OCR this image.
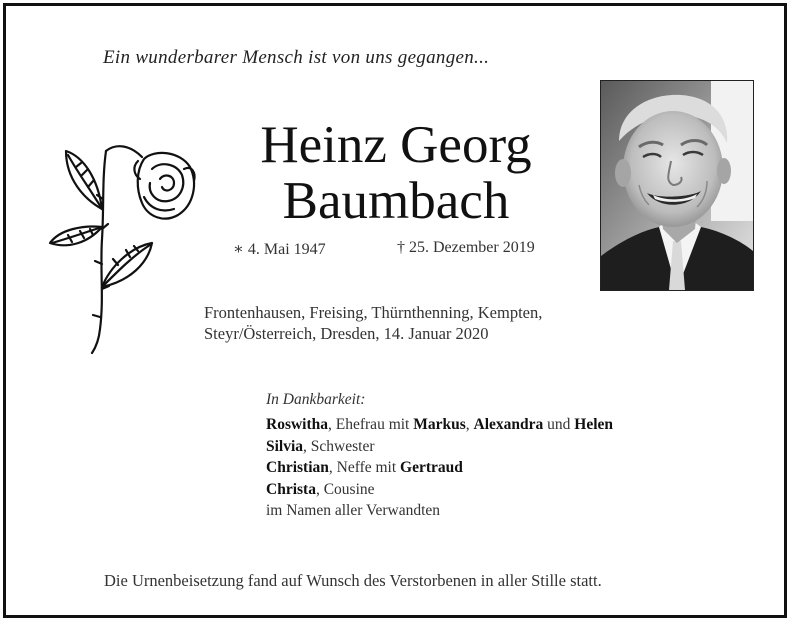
Ein wunderbarer Mensch ist von uns gegangen...
Heinz Georg
Baumbach
∗ 4. Mai 1947	† 25. Dezember 2019
Frontenhausen, Freising, Thürnthenning, Kempten,
Steyr/Österreich, Dresden, 14. Januar 2020
In Dankbarkeit:
Roswitha, Ehefrau mit Markus, Alexandra und Helen
Silvia, Schwester
Christian, Neffe mit Gertraud
Christa, Cousine
im Namen aller Verwandten
Die Urnenbeisetzung fand auf Wunsch des Verstorbenen in aller Stille statt.
